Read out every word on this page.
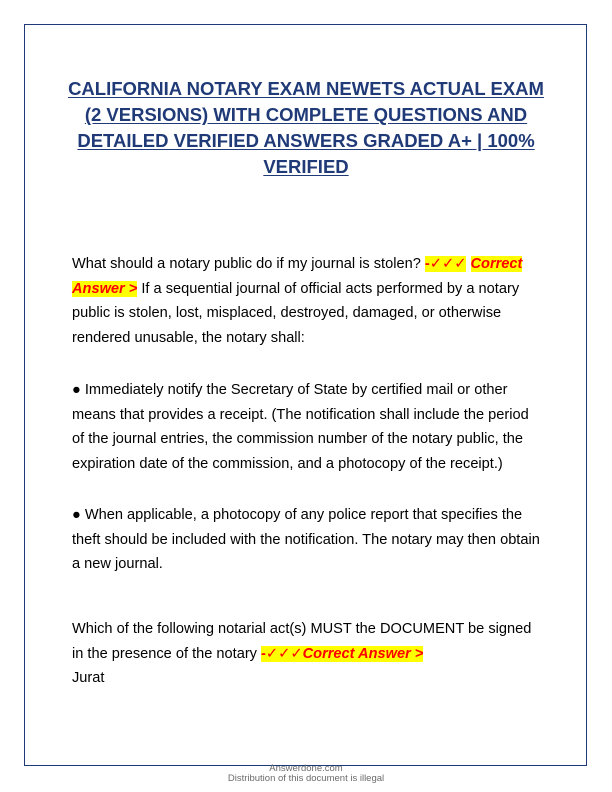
CALIFORNIA NOTARY EXAM NEWETS ACTUAL EXAM (2 VERSIONS) WITH COMPLETE QUESTIONS AND DETAILED VERIFIED ANSWERS GRADED A+ | 100% VERIFIED

What should a notary public do if my journal is stolen? -✓✓✓ Correct Answer > If a sequential journal of official acts performed by a notary public is stolen, lost, misplaced, destroyed, damaged, or otherwise rendered unusable, the notary shall:

● Immediately notify the Secretary of State by certified mail or other means that provides a receipt. (The notification shall include the period of the journal entries, the commission number of the notary public, the expiration date of the commission, and a photocopy of the receipt.)

● When applicable, a photocopy of any police report that specifies the theft should be included with the notification. The notary may then obtain a new journal.

Which of the following notarial act(s) MUST the DOCUMENT be signed in the presence of the notary -✓✓✓Correct Answer >
Jurat

Answerdone.com
Distribution of this document is illegal
